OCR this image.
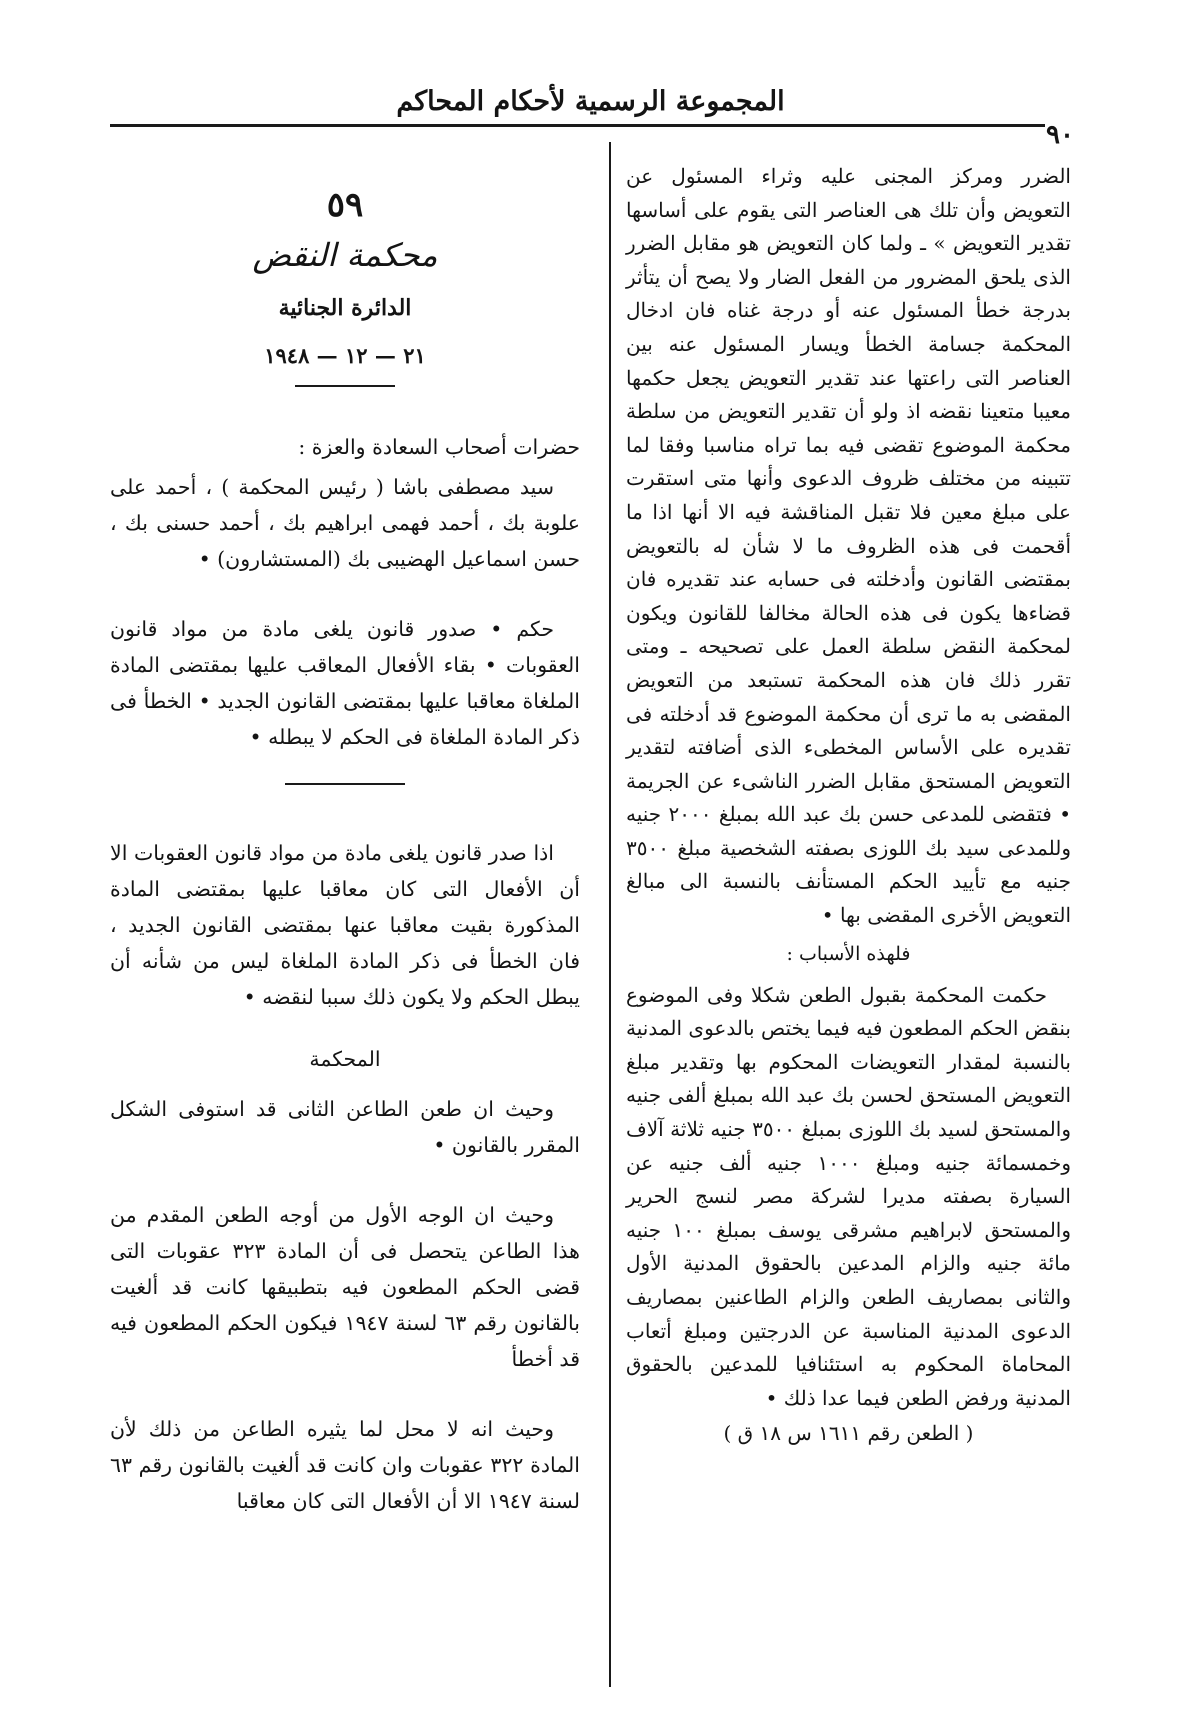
المجموعة الرسمية لأحكام المحاكم
٩٠

الضرر ومركز المجنى عليه وثراء المسئول عن التعويض وأن تلك هى العناصر التى يقوم على أساسها تقدير التعويض » ـ ولما كان التعويض هو مقابل الضرر الذى يلحق المضرور من الفعل الضار ولا يصح أن يتأثر بدرجة خطأ المسئول عنه أو درجة غناه فان ادخال المحكمة جسامة الخطأ ويسار المسئول عنه بين العناصر التى راعتها عند تقدير التعويض يجعل حكمها معيبا متعينا نقضه اذ ولو أن تقدير التعويض من سلطة محكمة الموضوع تقضى فيه بما تراه مناسبا وفقا لما تتبينه من مختلف ظروف الدعوى وأنها متى استقرت على مبلغ معين فلا تقبل المناقشة فيه الا أنها اذا ما أقحمت فى هذه الظروف ما لا شأن له بالتعويض بمقتضى القانون وأدخلته فى حسابه عند تقديره فان قضاءها يكون فى هذه الحالة مخالفا للقانون ويكون لمحكمة النقض سلطة العمل على تصحيحه ـ ومتى تقرر ذلك فان هذه المحكمة تستبعد من التعويض المقضى به ما ترى أن محكمة الموضوع قد أدخلته فى تقديره على الأساس المخطىء الذى أضافته لتقدير التعويض المستحق مقابل الضرر الناشىء عن الجريمة • فتقضى للمدعى حسن بك عبد الله بمبلغ ٢٠٠٠ جنيه وللمدعى سيد بك اللوزى بصفته الشخصية مبلغ ٣٥٠٠ جنيه مع تأييد الحكم المستأنف بالنسبة الى مبالغ التعويض الأخرى المقضى بها •

فلهذه الأسباب :

حكمت المحكمة بقبول الطعن شكلا وفى الموضوع بنقض الحكم المطعون فيه فيما يختص بالدعوى المدنية بالنسبة لمقدار التعويضات المحكوم بها وتقدير مبلغ التعويض المستحق لحسن بك عبد الله بمبلغ ألفى جنيه والمستحق لسيد بك اللوزى بمبلغ ٣٥٠٠ جنيه ثلاثة آلاف وخمسمائة جنيه ومبلغ ١٠٠٠ جنيه ألف جنيه عن السيارة بصفته مديرا لشركة مصر لنسج الحرير والمستحق لابراهيم مشرقى يوسف بمبلغ ١٠٠ جنيه مائة جنيه والزام المدعين بالحقوق المدنية الأول والثانى بمصاريف الطعن والزام الطاعنين بمصاريف الدعوى المدنية المناسبة عن الدرجتين ومبلغ أتعاب المحاماة المحكوم به استئنافيا للمدعين بالحقوق المدنية ورفض الطعن فيما عدا ذلك •

( الطعن رقم ١٦١١ س ١٨ ق )

٥٩
محكمة النقض
الدائرة الجنائية
٢١ — ١٢ — ١٩٤٨

حضرات أصحاب السعادة والعزة :

سيد مصطفى باشا ( رئيس المحكمة ) ، أحمد على علوبة بك ، أحمد فهمى ابراهيم بك ، أحمد حسنى بك ، حسن اسماعيل الهضيبى بك (المستشارون) •

حكم • صدور قانون يلغى مادة من مواد قانون العقوبات • بقاء الأفعال المعاقب عليها بمقتضى المادة الملغاة معاقبا عليها بمقتضى القانون الجديد • الخطأ فى ذكر المادة الملغاة فى الحكم لا يبطله •

اذا صدر قانون يلغى مادة من مواد قانون العقوبات الا أن الأفعال التى كان معاقبا عليها بمقتضى المادة المذكورة بقيت معاقبا عنها بمقتضى القانون الجديد ، فان الخطأ فى ذكر المادة الملغاة ليس من شأنه أن يبطل الحكم ولا يكون ذلك سببا لنقضه •

المحكمة

وحيث ان طعن الطاعن الثانى قد استوفى الشكل المقرر بالقانون •

وحيث ان الوجه الأول من أوجه الطعن المقدم من هذا الطاعن يتحصل فى أن المادة ٣٢٣ عقوبات التى قضى الحكم المطعون فيه بتطبيقها كانت قد ألغيت بالقانون رقم ٦٣ لسنة ١٩٤٧ فيكون الحكم المطعون فيه قد أخطأ

وحيث انه لا محل لما يثيره الطاعن من ذلك لأن المادة ٣٢٢ عقوبات وان كانت قد ألغيت بالقانون رقم ٦٣ لسنة ١٩٤٧ الا أن الأفعال التى كان معاقبا
